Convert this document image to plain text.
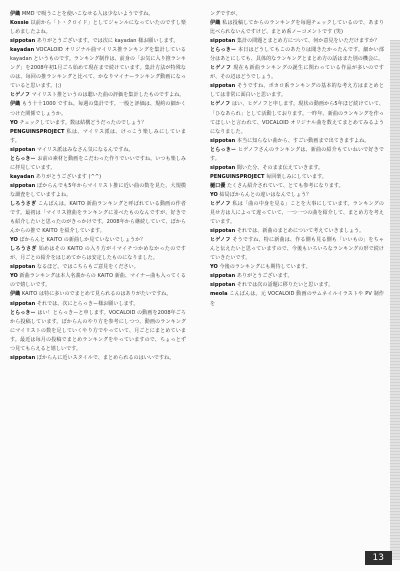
伊織 MMD で吸うことを使いこなせる人は少ないようですね。

Kossie 以前から「ト・クロイド」としてジャンルになっていたのですし楽しめましたよね。

sippotan ありがとうございます。では次に kayadan 様お願いします。

kayadan VOCALOID オリジナル曲マイリス推ランキングを集計している kayadan というものです。ランキング制作は、前身の「お気に入り推ランキング」を2008年初1月ごろ始めて現在まで続けています。集計方法が特殊なのは、毎回の推ランキングと比べて、かなりマイナーランキング動画になっていると思います。(;)

ヒゲノフ マイリスト推というのは聴いた曲の評価を集計したものですよね。

伊織 もう十十1000 ですね。毎週の集計です。一般と評価は、規約の細かくつけた関係でしょうか。

YO チェックしています。数は結構どうだったのでしょう？

PENGUINSPROJECT 私は、マイリス派は、けっこう楽しみにしています。

sippotan マイリス派はみなさん気になるんですね。

とらっきー お前の素材と動画をこだわった作りでいいですね。いつも楽しみに拝見しています。

kayadan ありがとうございます (^^)

sippotan ぼからんでも5年からマイリスト推に近い曲の数を見た、大規模な調査をしていますよね。

しろうさぎ こんばんは。KAITO 新曲ランキングと呼ばれている動画の作者です。最初は「マイリス推曲をランキングに並べたものなんですが、好きでも紹介したいと思ったのがきっかけです。2008年から継続していて、ぼからんからの推で KAITO を紹介しています。

YO ぼからんと KAITO の新曲しか見ていないでしょうか？

しろうさぎ 始めはその KAITO の入り方がイマイチつかめなかったのですが、月ごとの紹介をはじめてからは安定したものになりました。

sippotan なるほど、ではこちらもご意見をください。

YO 新曲ランキングは本人名義からの KAITO 新曲、マイナー曲も入ってくるので嬉しいです。

伊織 KAITO は特に多いのでまとめて見られるのはありがたいですね。

sippotan それでは、次にとらっきー様お願いします。

とらっきー はい！とらっきーと申します。VOCALOID の動画を2008年ごろから投稿しています。ぼからんのやり方を参考にしつつ、動画のランキングにマイリストの数を足していくやり方でやっていて、月ごとにまとめています。最近は毎月の投稿でまとめランキングをやっていますので、ちょっとずつ見てもらえると嬉しいです。

sippotan ぼからんに近いスタイルで、まとめられるのはいいですね。

ングですが、

伊織 私は投稿してからのランキングを毎週チェックしているので、あまり比べられないんですけど、まとめ系ノーコメントです (笑)

sippotan 集計の問題とまとめ方について、何か意見をいただけますか？

とらっきー 本日はどうしてもこのあたりは聞きたかったんです。細かい部分はあとにしても、具体的なランキングとまとめ方の話はまた別の機会に。

ヒゲノフ 現在も新曲ランキングの誕生に関わっている作品が多いのですが、その辺はどうでしょう。

sippotan そうですね、ボカロ系ランキングの基本的な考え方はまとめとしては非常に面白いと思います。

ヒゲノフ はい、ヒゲノフと申します。現状の動画から5年ほど続けていて、「ひなあられ」として活動しております。一昨年、新曲のランキングを作ってほしいと言われて、VOCALOID オリジナル曲を数えてまとめてみるようになりました。

sippotan 本当に知らない曲から、すごい動画まで出てきますよね。

とらっきー ヒゲノフさんのランキングは、新曲の紹介もていねいで好きです。

sippotan 聞いた分、そのまま伝えていきます。

PENGUINSPROJECT 毎回楽しみにしています。

樋口優 たくさん紹介されていて、とても参考になります。

YO 結局ぼからんとの違いはなんでしょう？

ヒゲノフ 私は「曲の中身を見る」ことを大事にしています。ランキングの見せ方は人によって違っていて、一つ一つの曲を紹介して、まとめ方を考えています。

sippotan それでは、新曲のまとめについて考えていきましょう。

ヒゲノフ そうですね、特に新曲は、作る側も見る側も「いいもの」をちゃんと伝えたいと思っていますので、今後もいろいろなランキングの形で続けていきたいです。

YO 今後のランキングにも期待しています。

sippotan ありがとうございます。

sippotan それでは次の話題に移りたいと思います。

meola こんばんは。元 VOCALOID 動画のサムネイルイラストや PV 制作を

13
